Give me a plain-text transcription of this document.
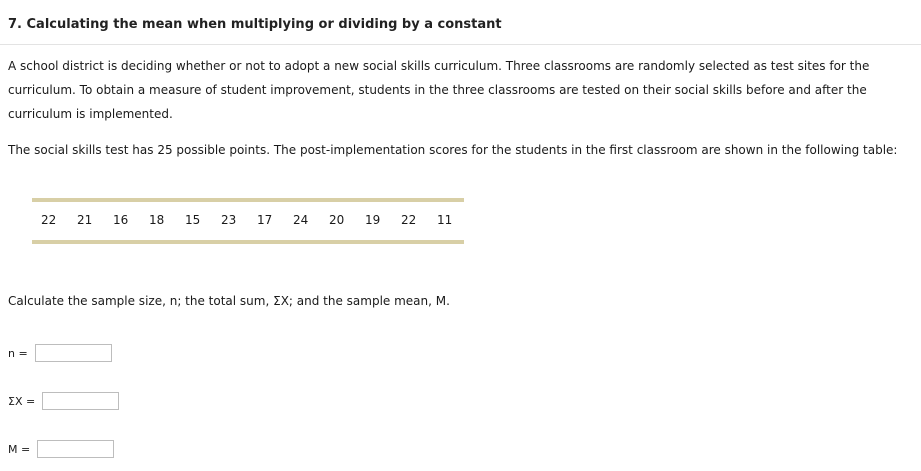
7. Calculating the mean when multiplying or dividing by a constant
A school district is deciding whether or not to adopt a new social skills curriculum. Three classrooms are randomly selected as test sites for the curriculum. To obtain a measure of student improvement, students in the three classrooms are tested on their social skills before and after the curriculum is implemented.
The social skills test has 25 possible points. The post-implementation scores for the students in the first classroom are shown in the following table:
22	21	16	18	15	23	17	24	20	19	22	11
Calculate the sample size, n; the total sum, ΣX; and the sample mean, M.
n =
ΣX =
M =
